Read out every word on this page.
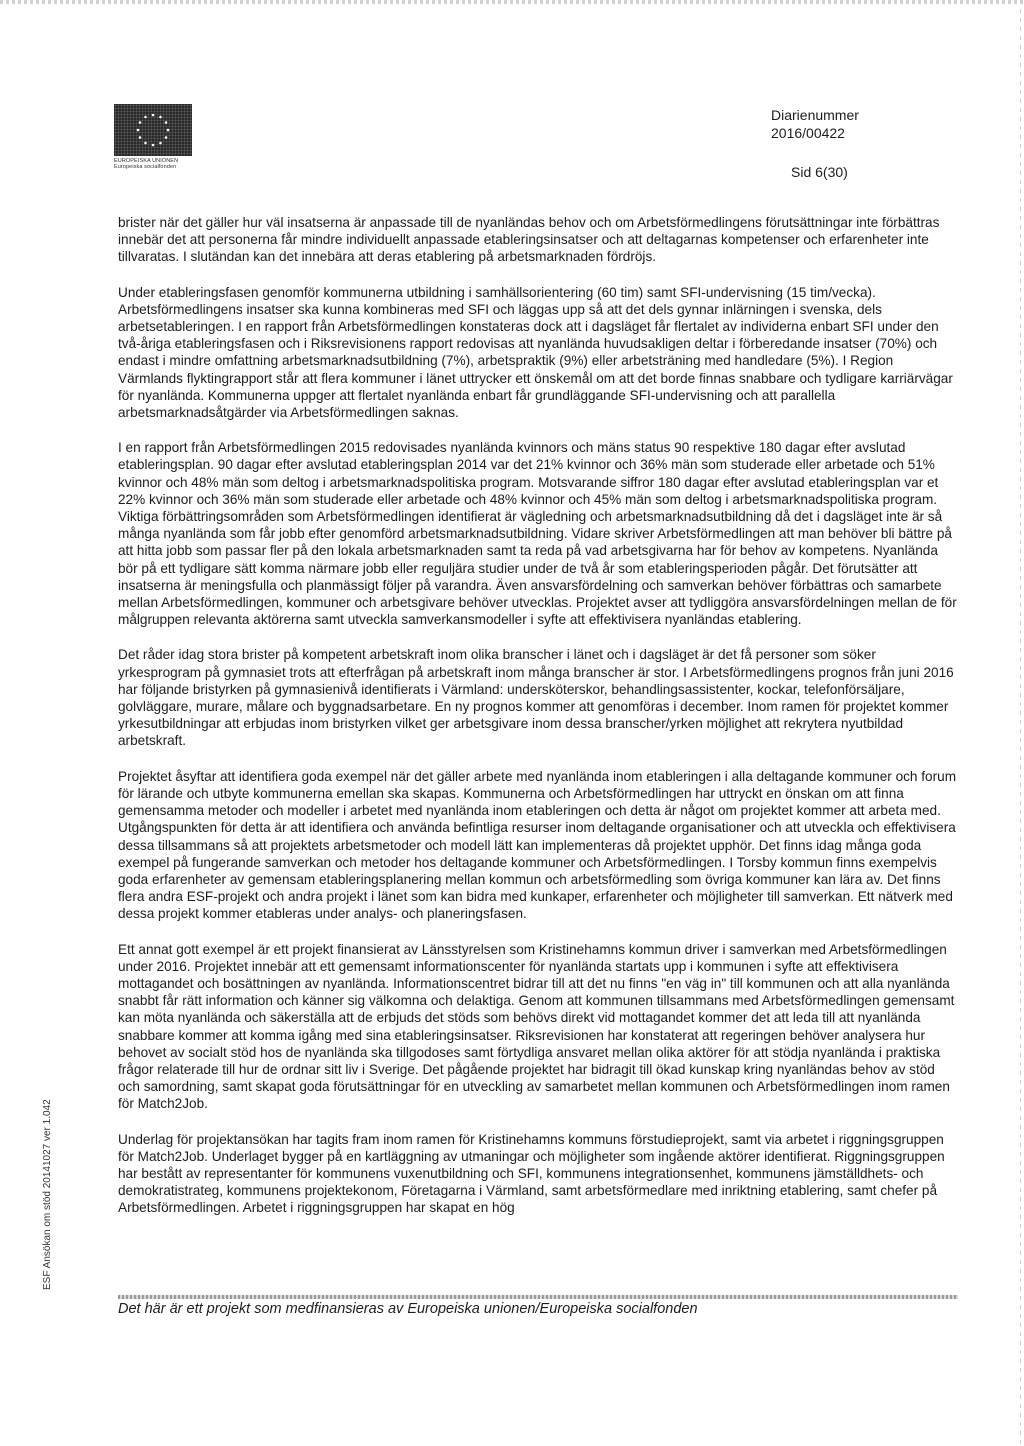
EUROPEISKA UNIONEN
Europeiska socialfonden
Diarienummer
2016/00422
Sid 6(30)

brister när det gäller hur väl insatserna är anpassade till de nyanländas behov och om Arbetsförmedlingens förutsättningar inte förbättras innebär det att personerna får mindre individuellt anpassade etableringsinsatser och att deltagarnas kompetenser och erfarenheter inte tillvaratas. I slutändan kan det innebära att deras etablering på arbetsmarknaden fördröjs.

Under etableringsfasen genomför kommunerna utbildning i samhällsorientering (60 tim) samt SFI-undervisning (15 tim/vecka). Arbetsförmedlingens insatser ska kunna kombineras med SFI och läggas upp så att det dels gynnar inlärningen i svenska, dels arbetsetableringen. I en rapport från Arbetsförmedlingen konstateras dock att i dagsläget får flertalet av individerna enbart SFI under den två-åriga etableringsfasen och i Riksrevisionens rapport redovisas att nyanlända huvudsakligen deltar i förberedande insatser (70%) och endast i mindre omfattning arbetsmarknadsutbildning (7%), arbetspraktik (9%) eller arbetsträning med handledare (5%). I Region Värmlands flyktingrapport står att flera kommuner i länet uttrycker ett önskemål om att det borde finnas snabbare och tydligare karriärvägar för nyanlända. Kommunerna uppger att flertalet nyanlända enbart får grundläggande SFI-undervisning och att parallella arbetsmarknadsåtgärder via Arbetsförmedlingen saknas.

I en rapport från Arbetsförmedlingen 2015 redovisades nyanlända kvinnors och mäns status 90 respektive 180 dagar efter avslutad etableringsplan. 90 dagar efter avslutad etableringsplan 2014 var det 21% kvinnor och 36% män som studerade eller arbetade och 51% kvinnor och 48% män som deltog i arbetsmarknadspolitiska program. Motsvarande siffror 180 dagar efter avslutad etableringsplan var et 22% kvinnor och 36% män som studerade eller arbetade och 48% kvinnor och 45% män som deltog i arbetsmarknadspolitiska program. Viktiga förbättringsområden som Arbetsförmedlingen identifierat är vägledning och arbetsmarknadsutbildning då det i dagsläget inte är så många nyanlända som får jobb efter genomförd arbetsmarknadsutbildning. Vidare skriver Arbetsförmedlingen att man behöver bli bättre på att hitta jobb som passar fler på den lokala arbetsmarknaden samt ta reda på vad arbetsgivarna har för behov av kompetens. Nyanlända bör på ett tydligare sätt komma närmare jobb eller reguljära studier under de två år som etableringsperioden pågår. Det förutsätter att insatserna är meningsfulla och planmässigt följer på varandra. Även ansvarsfördelning och samverkan behöver förbättras och samarbete mellan Arbetsförmedlingen, kommuner och arbetsgivare behöver utvecklas. Projektet avser att tydliggöra ansvarsfördelningen mellan de för målgruppen relevanta aktörerna samt utveckla samverkansmodeller i syfte att effektivisera nyanländas etablering.

Det råder idag stora brister på kompetent arbetskraft inom olika branscher i länet och i dagsläget är det få personer som söker yrkesprogram på gymnasiet trots att efterfrågan på arbetskraft inom många branscher är stor. I Arbetsförmedlingens prognos från juni 2016 har följande bristyrken på gymnasienivå identifierats i Värmland: undersköterskor, behandlingsassistenter, kockar, telefonförsäljare, golvläggare, murare, målare och byggnadsarbetare. En ny prognos kommer att genomföras i december. Inom ramen för projektet kommer yrkesutbildningar att erbjudas inom bristyrken vilket ger arbetsgivare inom dessa branscher/yrken möjlighet att rekrytera nyutbildad arbetskraft.

Projektet åsyftar att identifiera goda exempel när det gäller arbete med nyanlända inom etableringen i alla deltagande kommuner och forum för lärande och utbyte kommunerna emellan ska skapas. Kommunerna och Arbetsförmedlingen har uttryckt en önskan om att finna gemensamma metoder och modeller i arbetet med nyanlända inom etableringen och detta är något om projektet kommer att arbeta med. Utgångspunkten för detta är att identifiera och använda befintliga resurser inom deltagande organisationer och att utveckla och effektivisera dessa tillsammans så att projektets arbetsmetoder och modell lätt kan implementeras då projektet upphör. Det finns idag många goda exempel på fungerande samverkan och metoder hos deltagande kommuner och Arbetsförmedlingen. I Torsby kommun finns exempelvis goda erfarenheter av gemensam etableringsplanering mellan kommun och arbetsförmedling som övriga kommuner kan lära av. Det finns flera andra ESF-projekt och andra projekt i länet som kan bidra med kunkaper, erfarenheter och möjligheter till samverkan. Ett nätverk med dessa projekt kommer etableras under analys- och planeringsfasen.

Ett annat gott exempel är ett projekt finansierat av Länsstyrelsen som Kristinehamns kommun driver i samverkan med Arbetsförmedlingen under 2016. Projektet innebär att ett gemensamt informationscenter för nyanlända startats upp i kommunen i syfte att effektivisera mottagandet och bosättningen av nyanlända. Informationscentret bidrar till att det nu finns "en väg in" till kommunen och att alla nyanlända snabbt får rätt information och känner sig välkomna och delaktiga. Genom att kommunen tillsammans med Arbetsförmedlingen gemensamt kan möta nyanlända och säkerställa att de erbjuds det stöds som behövs direkt vid mottagandet kommer det att leda till att nyanlända snabbare kommer att komma igång med sina etableringsinsatser. Riksrevisionen har konstaterat att regeringen behöver analysera hur behovet av socialt stöd hos de nyanlända ska tillgodoses samt förtydliga ansvaret mellan olika aktörer för att stödja nyanlända i praktiska frågor relaterade till hur de ordnar sitt liv i Sverige. Det pågående projektet har bidragit till ökad kunskap kring nyanländas behov av stöd och samordning, samt skapat goda förutsättningar för en utveckling av samarbetet mellan kommunen och Arbetsförmedlingen inom ramen för Match2Job.

Underlag för projektansökan har tagits fram inom ramen för Kristinehamns kommuns förstudieprojekt, samt via arbetet i riggningsgruppen för Match2Job. Underlaget bygger på en kartläggning av utmaningar och möjligheter som ingående aktörer identifierat. Riggningsgruppen har bestått av representanter för kommunens vuxenutbildning och SFI, kommunens integrationsenhet, kommunens jämställdhets- och demokratistrateg, kommunens projektekonom, Företagarna i Värmland, samt arbetsförmedlare med inriktning etablering, samt chefer på Arbetsförmedlingen. Arbetet i riggningsgruppen har skapat en hög

ESF Ansökan om stöd 20141027 ver 1.042
Det här är ett projekt som medfinansieras av Europeiska unionen/Europeiska socialfonden
